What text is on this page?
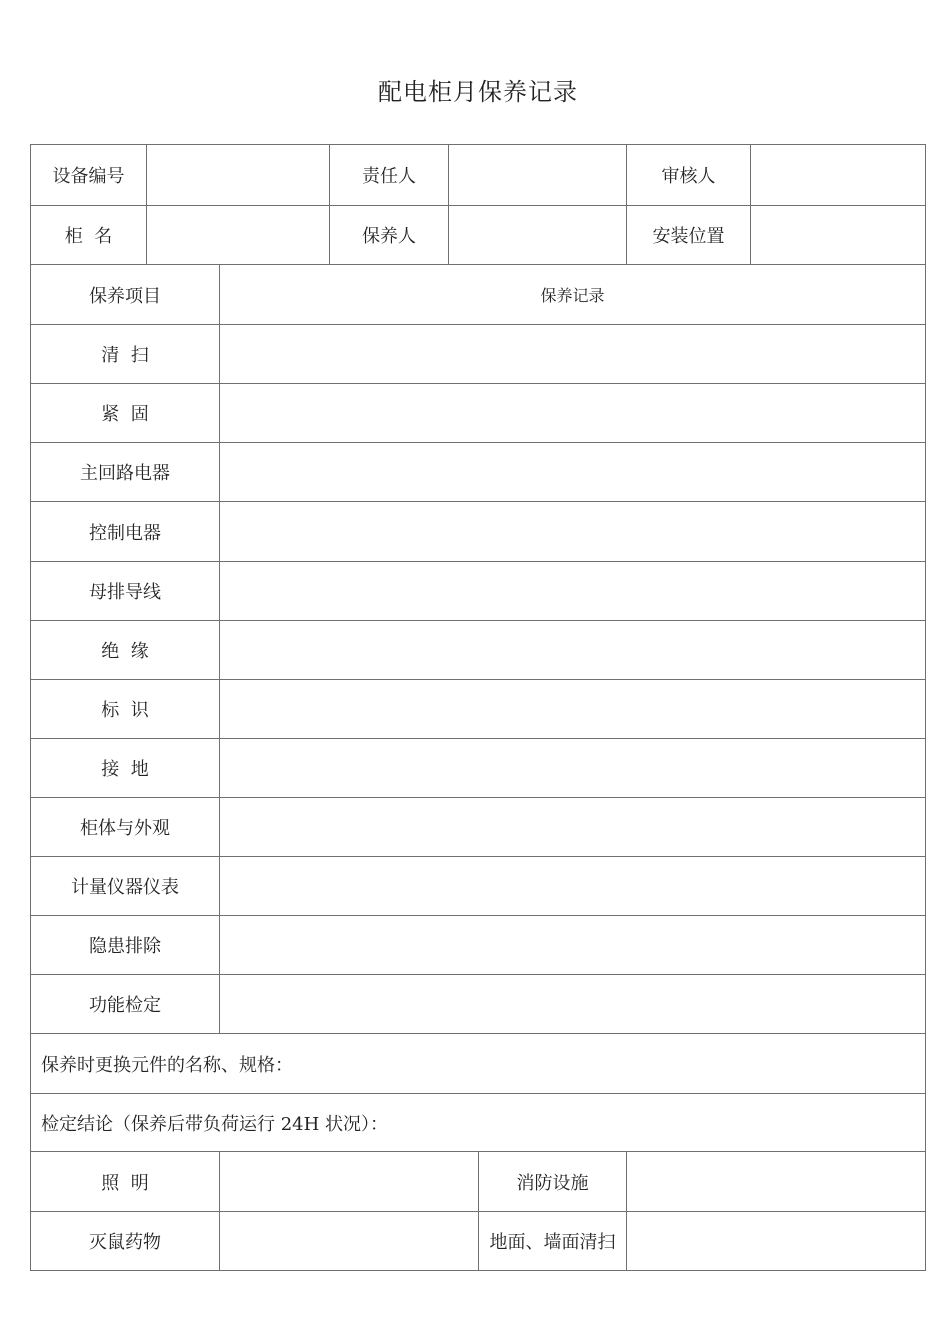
配电柜月保养记录
设备编号			责任人			审核人	
柜  名			保养人			安装位置	
保养项目		保养记录					
清  扫							
紧  固							
主回路电器							
控制电器							
母排导线							
绝  缘							
标  识							
接  地							
柜体与外观							
计量仪器仪表							
隐患排除							
功能检定							
保养时更换元件的名称、规格：							
检定结论（保养后带负荷运行 24H 状况）：							
照  明					消防设施		
灭鼠药物					地面、墙面清扫		
